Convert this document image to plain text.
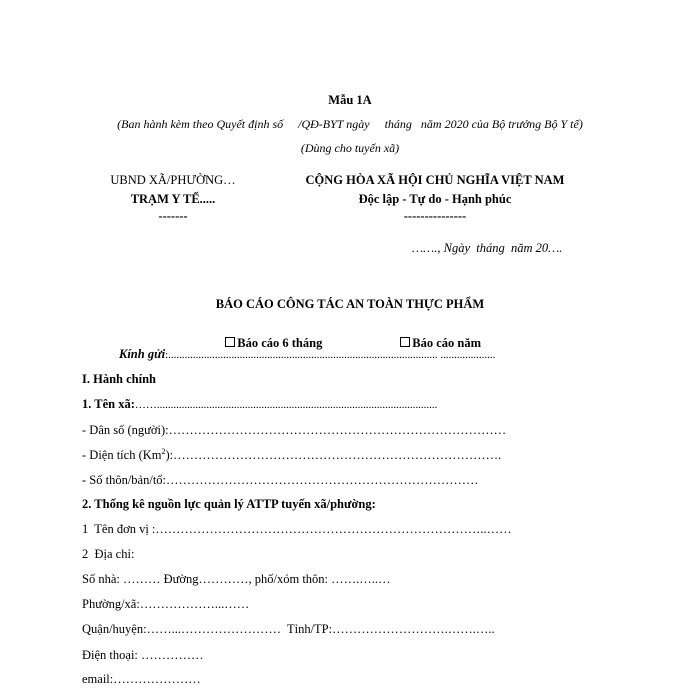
Mẫu 1A
(Ban hành kèm theo Quyết định số     /QĐ-BYT ngày     tháng   năm 2020 của Bộ trưởng Bộ Y tế)
(Dùng cho tuyến xã)
UBND XÃ/PHƯỜNG…
TRẠM Y TẾ.....
-------
CỘNG HÒA XÃ HỘI CHỦ NGHĨA VIỆT NAM
Độc lập - Tự do - Hạnh phúc
---------------
……., Ngày  tháng  năm 20….
BÁO CÁO CÔNG TÁC AN TOÀN THỰC PHẨM

Báo cáo 6 tháng	Báo cáo năm

Kính gửi:.................................................................................................. ....................
I. Hành chính
1. Tên xã:……......................................................................................................
- Dân số (người):………………………………………………………………………
- Diện tích (Km$^2$):…………………………………………………………………….
- Số thôn/bản/tổ:…………………………………………………………………
2. Thống kê nguồn lực quản lý ATTP tuyến xã/phường:
1  Tên đơn vị :……………………………………………………………………..……
2  Địa chỉ:
Số nhà: ……… Đường…………, phố/xóm thôn: …….…..…
Phường/xã:………………...……
Quận/huyện:……...……………………  Tỉnh/TP:……………………….…….…..
Điện thoại: ……………
email:…………………
